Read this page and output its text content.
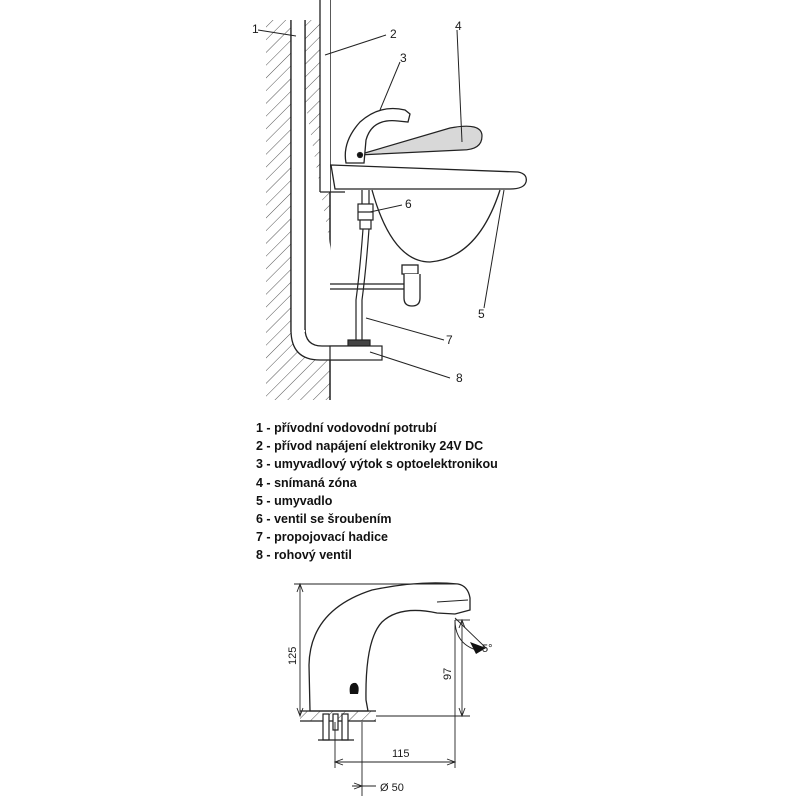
1	2
3
4
5
6
7
8
125
97
115
Ø 50
5°
1 - přívodní vodovodní potrubí
2 - přívod napájení elektroniky 24V DC
3 - umyvadlový výtok s optoelektronikou
4 - snímaná zóna
5 - umyvadlo
6 - ventil se šroubením
7 - propojovací hadice
8 - rohový ventil
